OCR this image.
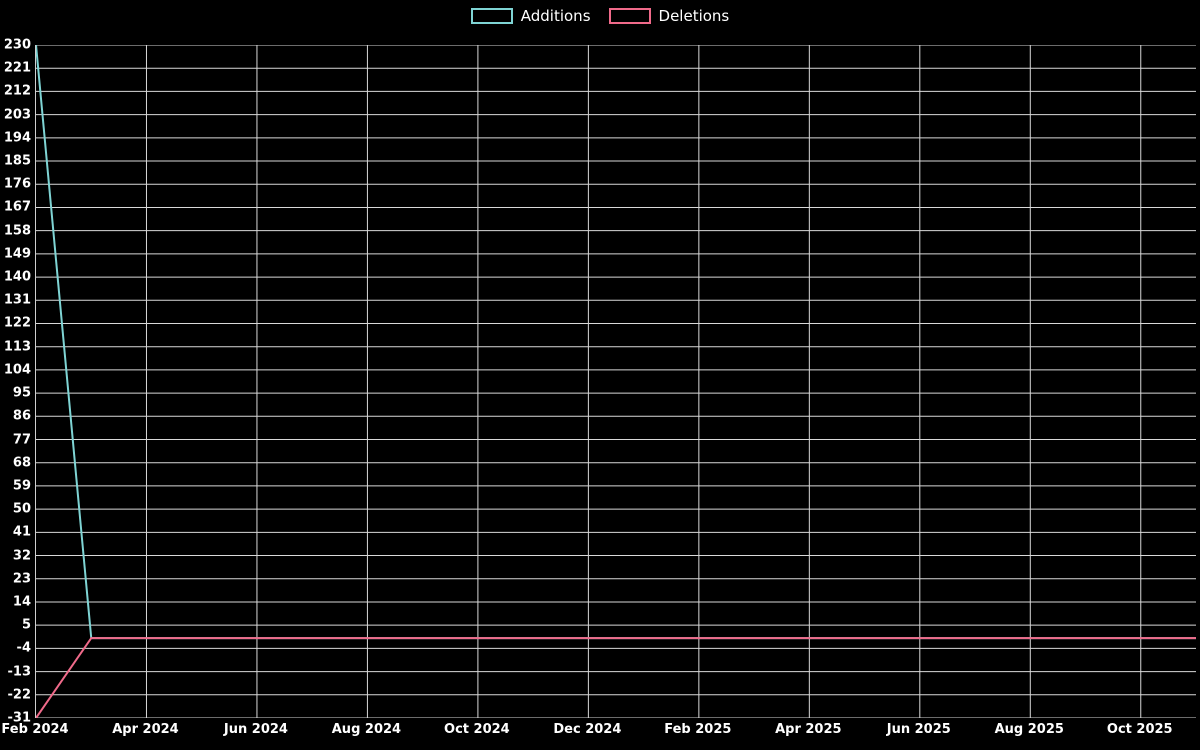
Additions	Deletions
230
221
212
203
194
185
176
167
158
149
140
131
122
113
104
95
86
77
68
59
50
41
32
23
14
5
-4
-13
-22
-31
Feb 2024	Apr 2024	Jun 2024	Aug 2024	Oct 2024	Dec 2024	Feb 2025	Apr 2025	Jun 2025	Aug 2025	Oct 2025
